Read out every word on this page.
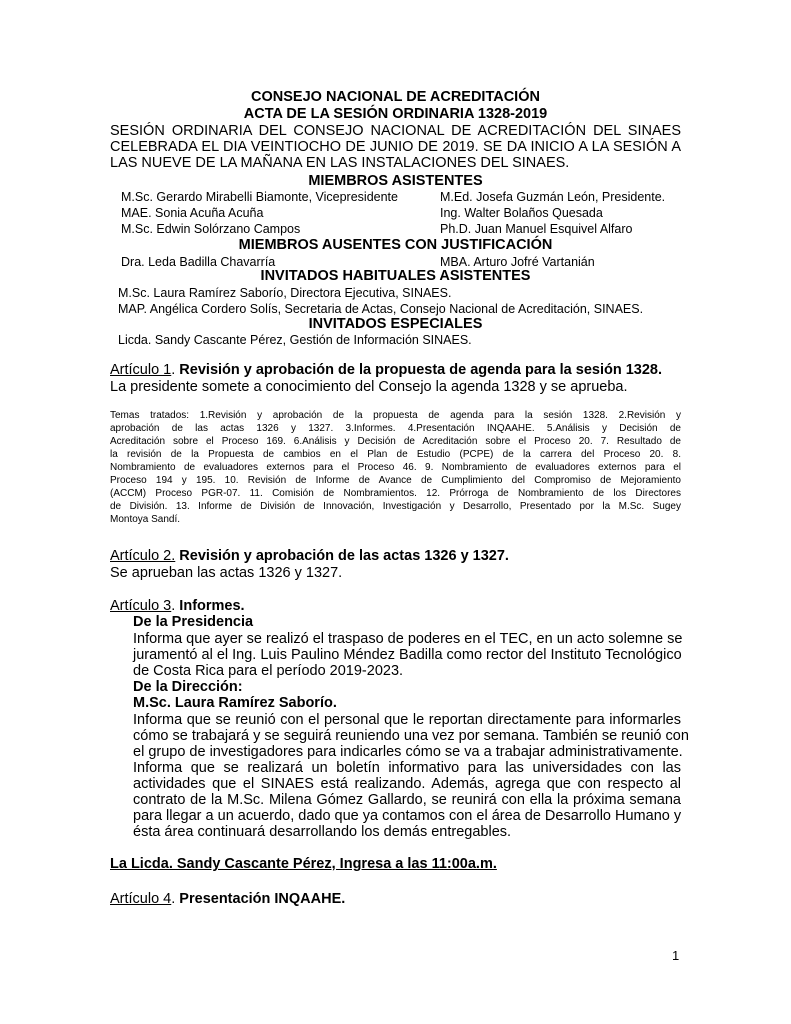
CONSEJO NACIONAL DE ACREDITACIÓN
ACTA DE LA SESIÓN ORDINARIA 1328-2019
SESIÓN ORDINARIA DEL CONSEJO NACIONAL DE ACREDITACIÓN DEL SINAES
CELEBRADA EL DIA VEINTIOCHO DE JUNIO DE 2019. SE DA INICIO A LA SESIÓN A
LAS NUEVE DE LA MAÑANA EN LAS INSTALACIONES DEL SINAES.
MIEMBROS ASISTENTES
M.Sc. Gerardo Mirabelli Biamonte, Vicepresidente	M.Ed. Josefa Guzmán León, Presidente.
MAE. Sonia Acuña Acuña	Ing. Walter Bolaños Quesada
M.Sc. Edwin Solórzano Campos	Ph.D. Juan Manuel Esquivel Alfaro
MIEMBROS AUSENTES CON JUSTIFICACIÓN
Dra. Leda Badilla Chavarría	MBA. Arturo Jofré Vartanián
INVITADOS HABITUALES ASISTENTES
M.Sc. Laura Ramírez Saborío, Directora Ejecutiva, SINAES.
MAP. Angélica Cordero Solís, Secretaria de Actas, Consejo Nacional de Acreditación, SINAES.
INVITADOS ESPECIALES
Licda. Sandy Cascante Pérez, Gestión de Información SINAES.
Artículo 1. Revisión y aprobación de la propuesta de agenda para la sesión 1328.
La presidente somete a conocimiento del Consejo la agenda 1328 y se aprueba.
Temas tratados: 1.Revisión y aprobación de la propuesta de agenda para la sesión 1328. 2.Revisión y
aprobación de las actas 1326 y 1327. 3.Informes. 4.Presentación INQAAHE. 5.Análisis y Decisión de
Acreditación sobre el Proceso 169. 6.Análisis y Decisión de Acreditación sobre el Proceso 20. 7. Resultado de
la revisión de la Propuesta de cambios en el Plan de Estudio (PCPE) de la carrera del Proceso 20. 8.
Nombramiento de evaluadores externos para el Proceso 46. 9. Nombramiento de evaluadores externos para el
Proceso 194 y 195. 10. Revisión de Informe de Avance de Cumplimiento del Compromiso de Mejoramiento
(ACCM) Proceso PGR-07. 11. Comisión de Nombramientos. 12. Prórroga de Nombramiento de los Directores
de División. 13. Informe de División de Innovación, Investigación y Desarrollo, Presentado por la M.Sc. Sugey
Montoya Sandí.
Artículo 2. Revisión y aprobación de las actas 1326 y 1327.
Se aprueban las actas 1326 y 1327.
Artículo 3. Informes.
De la Presidencia
Informa que ayer se realizó el traspaso de poderes en el TEC, en un acto solemne se
juramentó al el Ing. Luis Paulino Méndez Badilla como rector del Instituto Tecnológico
de Costa Rica para el período 2019-2023.
De la Dirección:
M.Sc. Laura Ramírez Saborío.
Informa que se reunió con el personal que le reportan directamente para informarles
cómo se trabajará y se seguirá reuniendo una vez por semana. También se reunió con
el grupo de investigadores para indicarles cómo se va a trabajar administrativamente.
Informa que se realizará un boletín informativo para las universidades con las
actividades que el SINAES está realizando. Además, agrega que con respecto al
contrato de la M.Sc. Milena Gómez Gallardo, se reunirá con ella la próxima semana
para llegar a un acuerdo, dado que ya contamos con el área de Desarrollo Humano y
ésta área continuará desarrollando los demás entregables.
La Licda. Sandy Cascante Pérez, Ingresa a las 11:00a.m.
Artículo 4. Presentación INQAAHE.
1
